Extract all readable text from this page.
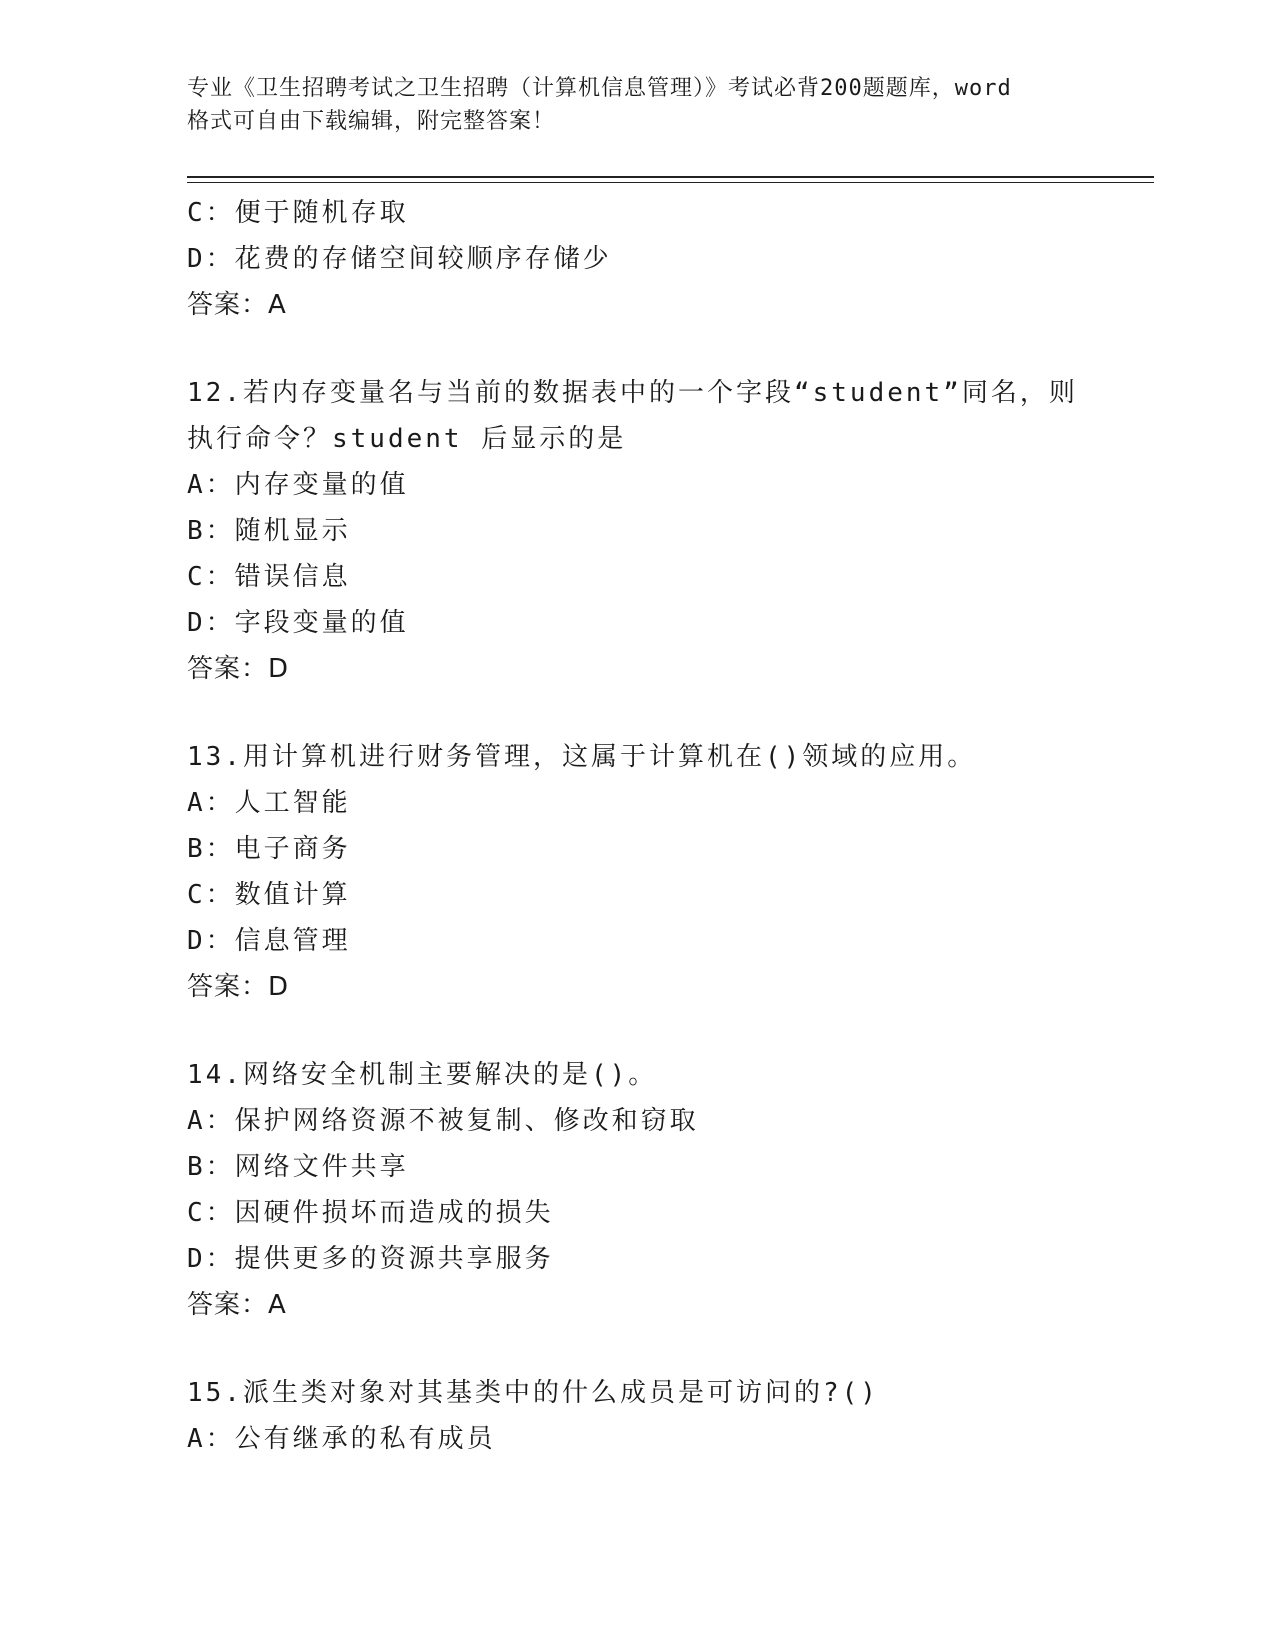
专业《卫生招聘考试之卫生招聘（计算机信息管理）》考试必背200题题库，word
格式可自由下载编辑，附完整答案！
C：便于随机存取
D：花费的存储空间较顺序存储少
答案：A
12.若内存变量名与当前的数据表中的一个字段“student”同名，则
执行命令？student 后显示的是
A：内存变量的值
B：随机显示
C：错误信息
D：字段变量的值
答案：D
13.用计算机进行财务管理，这属于计算机在()领域的应用。
A：人工智能
B：电子商务
C：数值计算
D：信息管理
答案：D
14.网络安全机制主要解决的是()。
A：保护网络资源不被复制、修改和窃取
B：网络文件共享
C：因硬件损坏而造成的损失
D：提供更多的资源共享服务
答案：A
15.派生类对象对其基类中的什么成员是可访问的?()
A：公有继承的私有成员
